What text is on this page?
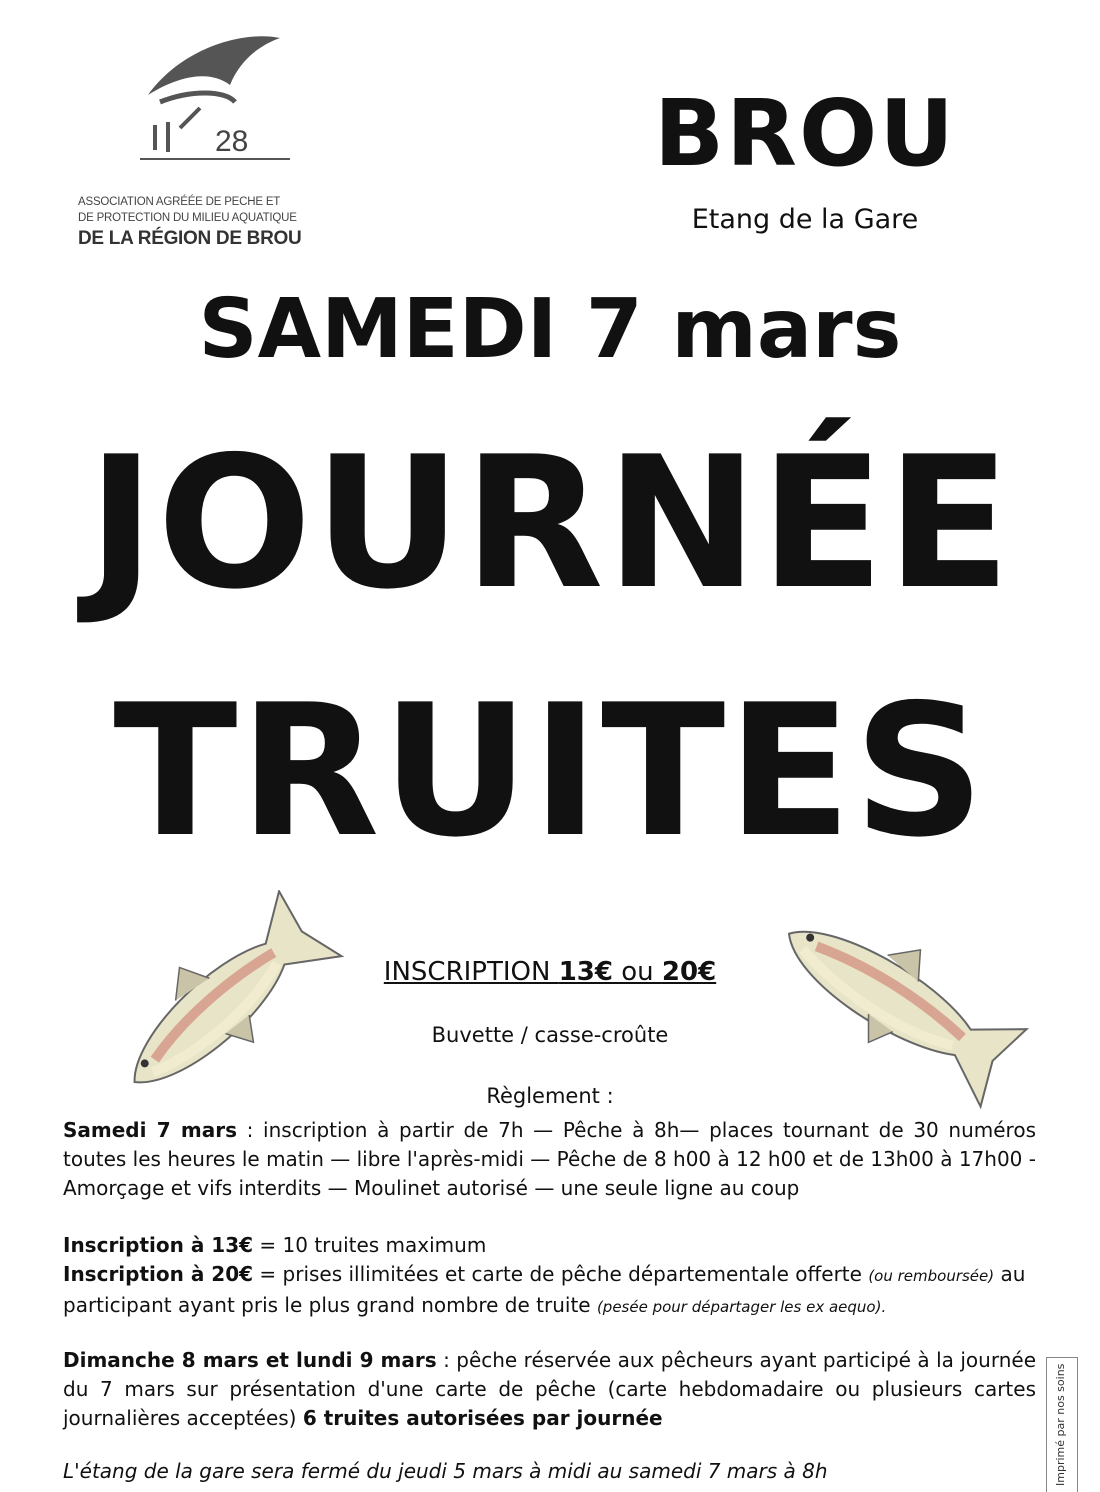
28
ASSOCIATION AGRÉÉE DE PECHE ET
DE PROTECTION DU MILIEU AQUATIQUE
DE LA RÉGION DE BROU
BROU
Etang de la Gare
SAMEDI 7 mars
JOURNÉE
TRUITES
INSCRIPTION 13€ ou 20€
Buvette / casse-croûte
Règlement :
Samedi 7 mars : inscription à partir de 7h — Pêche à 8h— places tournant de 30 numéros toutes les heures le matin — libre l'après-midi — Pêche de 8 h00 à 12 h00 et de 13h00 à 17h00 - Amorçage et vifs interdits — Moulinet autorisé — une seule ligne au coup
Inscription à 13€ = 10 truites maximum
Inscription à 20€ = prises illimitées et carte de pêche départementale offerte (ou remboursée) au participant ayant pris le plus grand nombre de truite (pesée pour départager les ex aequo).
Dimanche 8 mars et lundi 9 mars : pêche réservée aux pêcheurs ayant participé à la journée du 7 mars sur présentation d'une carte de pêche (carte hebdomadaire ou plusieurs cartes journalières acceptées) 6 truites autorisées par journée
L'étang de la gare sera fermé du jeudi 5 mars à midi au samedi 7 mars à 8h	Imprimé par nos soins
